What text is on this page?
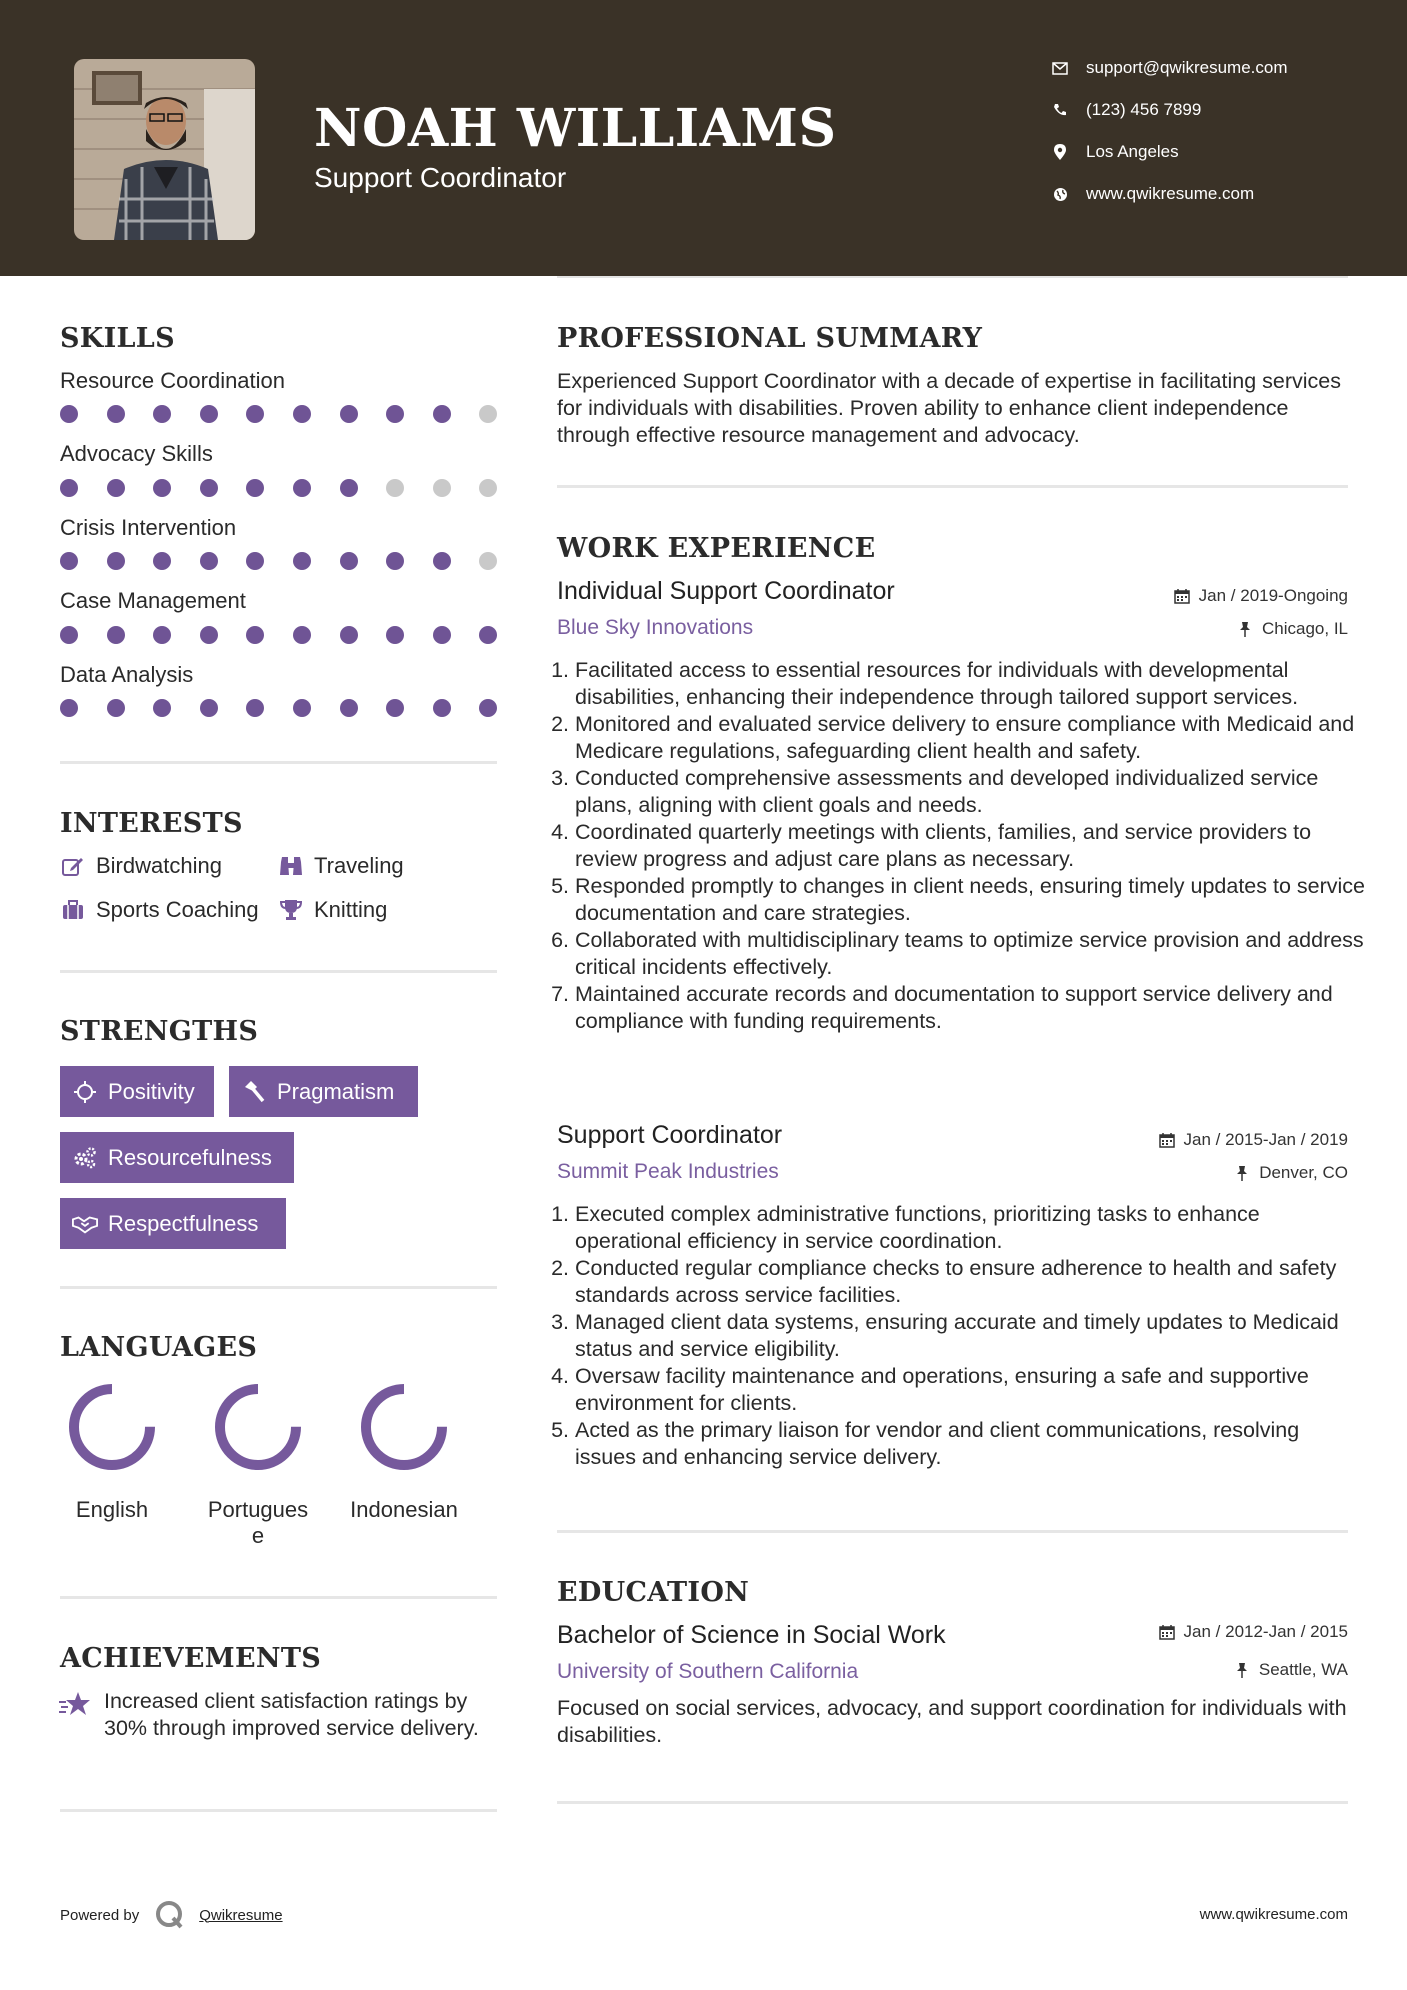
NOAH WILLIAMS
Support Coordinator
support@qwikresume.com
(123) 456 7899
Los Angeles
www.qwikresume.com
SKILLS
Resource Coordination
Advocacy Skills
Crisis Intervention
Case Management
Data Analysis
INTERESTS
Birdwatching	Traveling
Sports Coaching	Knitting
STRENGTHS
Positivity	Pragmatism
Resourcefulness
Respectfulness
LANGUAGES
English	Portugues
e
Indonesian
ACHIEVEMENTS
Increased client satisfaction ratings by 30% through improved service delivery.
PROFESSIONAL SUMMARY
Experienced Support Coordinator with a decade of expertise in facilitating services for individuals with disabilities. Proven ability to enhance client independence through effective resource management and advocacy.
WORK EXPERIENCE
Individual Support Coordinator	Jan / 2019-Ongoing
Blue Sky Innovations	Chicago, IL
1. Facilitated access to essential resources for individuals with developmental disabilities, enhancing their independence through tailored support services.
2. Monitored and evaluated service delivery to ensure compliance with Medicaid and Medicare regulations, safeguarding client health and safety.
3. Conducted comprehensive assessments and developed individualized service plans, aligning with client goals and needs.
4. Coordinated quarterly meetings with clients, families, and service providers to review progress and adjust care plans as necessary.
5. Responded promptly to changes in client needs, ensuring timely updates to service documentation and care strategies.
6. Collaborated with multidisciplinary teams to optimize service provision and address critical incidents effectively.
7. Maintained accurate records and documentation to support service delivery and compliance with funding requirements.
Support Coordinator	Jan / 2015-Jan / 2019
Summit Peak Industries	Denver, CO
1. Executed complex administrative functions, prioritizing tasks to enhance operational efficiency in service coordination.
2. Conducted regular compliance checks to ensure adherence to health and safety standards across service facilities.
3. Managed client data systems, ensuring accurate and timely updates to Medicaid status and service eligibility.
4. Oversaw facility maintenance and operations, ensuring a safe and supportive environment for clients.
5. Acted as the primary liaison for vendor and client communications, resolving issues and enhancing service delivery.
EDUCATION
Bachelor of Science in Social Work	Jan / 2012-Jan / 2015
University of Southern California	Seattle, WA
Focused on social services, advocacy, and support coordination for individuals with disabilities.
Powered by	Qwikresume	www.qwikresume.com
